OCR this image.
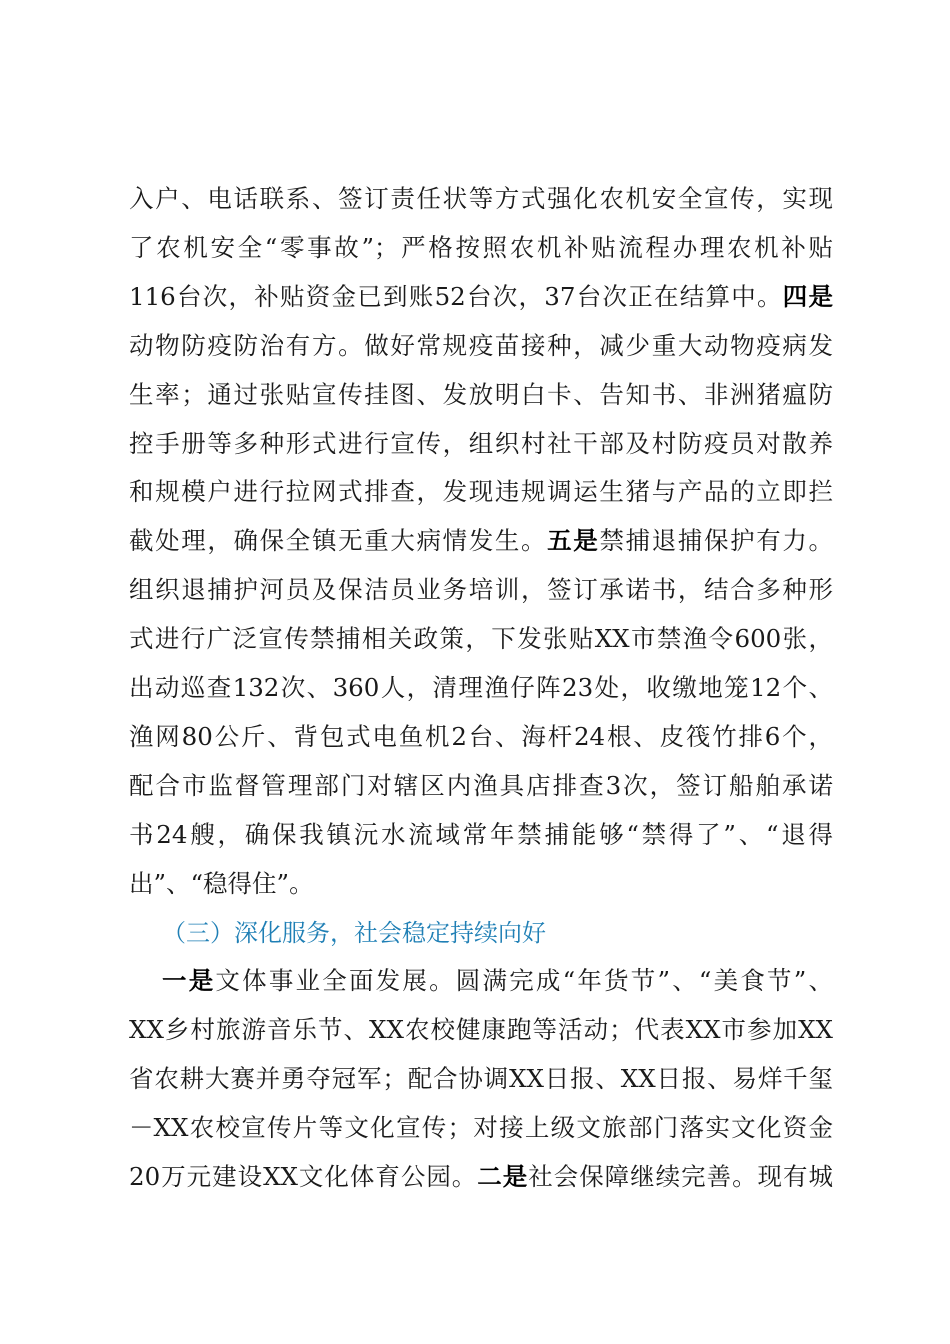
入户、电话联系、签订责任状等方式强化农机安全宣传，实现
了农机安全“零事故”；严格按照农机补贴流程办理农机补贴
116台次，补贴资金已到账52台次，37台次正在结算中。四是
动物防疫防治有方。做好常规疫苗接种，减少重大动物疫病发
生率；通过张贴宣传挂图、发放明白卡、告知书、非洲猪瘟防
控手册等多种形式进行宣传，组织村社干部及村防疫员对散养
和规模户进行拉网式排查，发现违规调运生猪与产品的立即拦
截处理，确保全镇无重大病情发生。五是禁捕退捕保护有力。
组织退捕护河员及保洁员业务培训，签订承诺书，结合多种形
式进行广泛宣传禁捕相关政策，下发张贴XX市禁渔令600张，
出动巡查132次、360人，清理渔仔阵23处，收缴地笼12个、
渔网80公斤、背包式电鱼机2台、海杆24根、皮筏竹排6个，
配合市监督管理部门对辖区内渔具店排查3次，签订船舶承诺
书24艘，确保我镇沅水流域常年禁捕能够“禁得了”、“退得
出”、“稳得住”。
（三）深化服务，社会稳定持续向好
一是文体事业全面发展。圆满完成“年货节”、“美食节”、
XX乡村旅游音乐节、XX农校健康跑等活动；代表XX市参加XX
省农耕大赛并勇夺冠军；配合协调XX日报、XX日报、易烊千玺
－XX农校宣传片等文化宣传；对接上级文旅部门落实文化资金
20万元建设XX文化体育公园。二是社会保障继续完善。现有城
